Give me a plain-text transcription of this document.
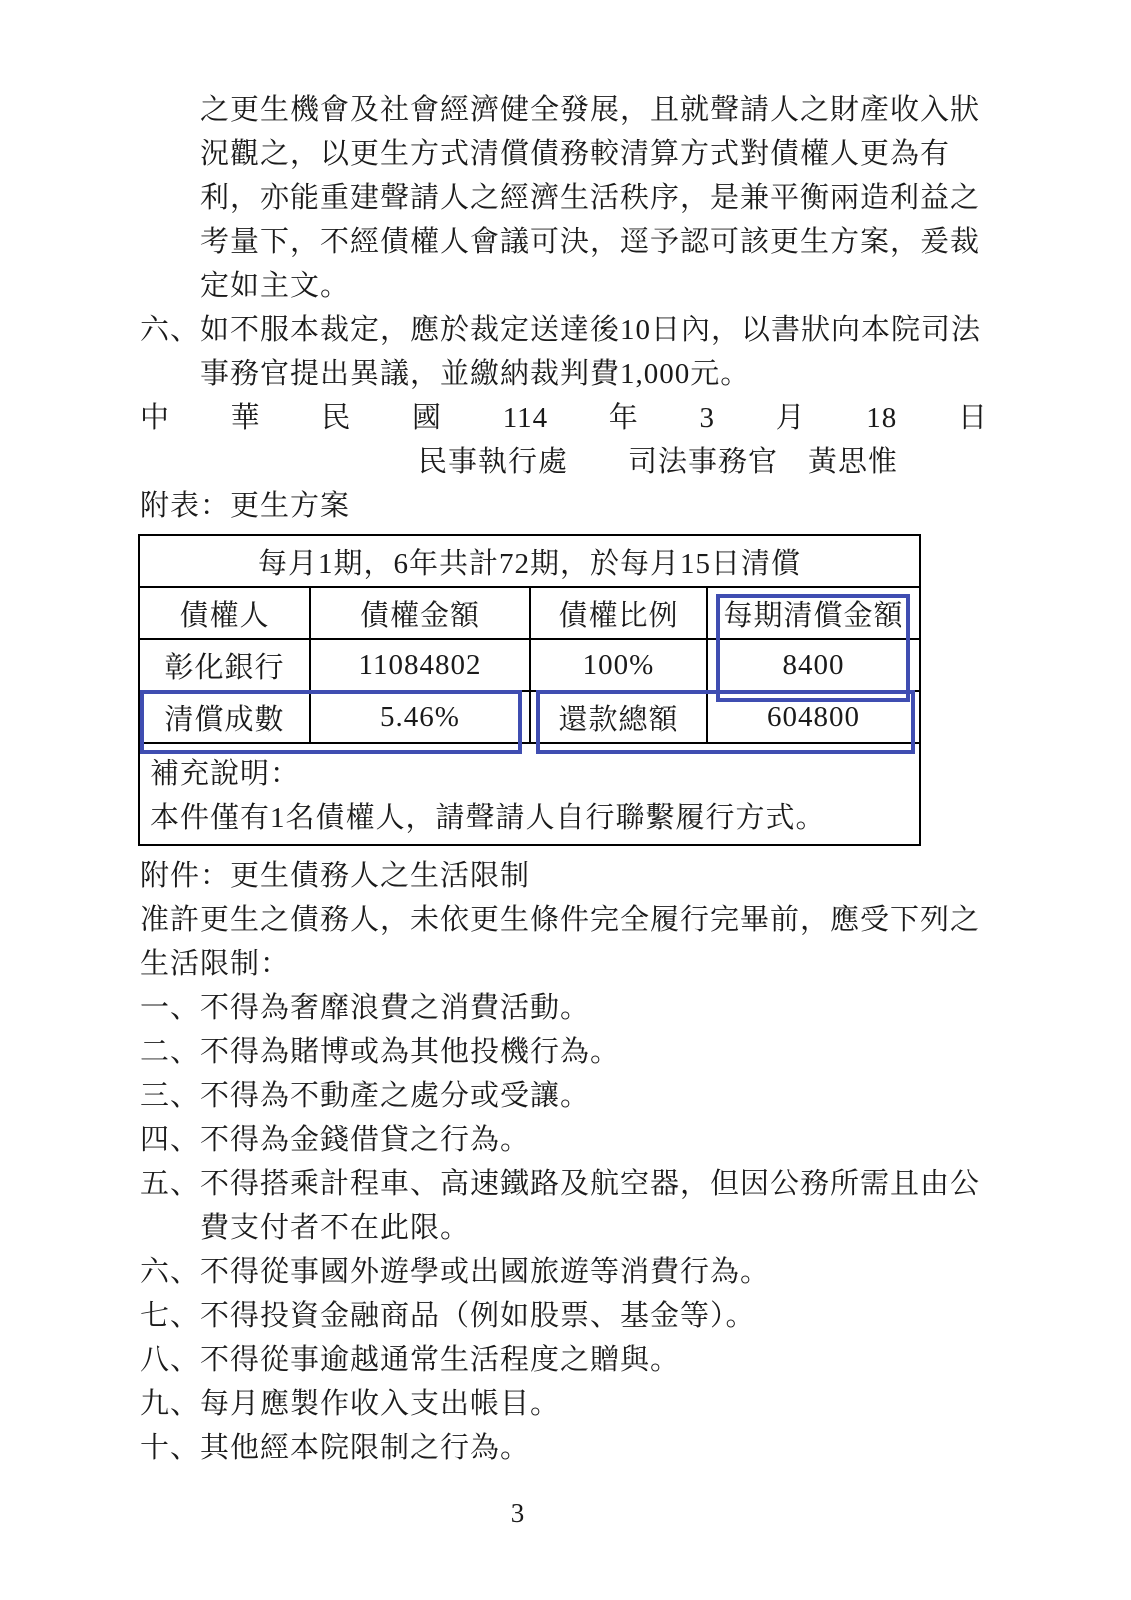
之更生機會及社會經濟健全發展，且就聲請人之財產收入狀
況觀之，以更生方式清償債務較清算方式對債權人更為有
利，亦能重建聲請人之經濟生活秩序，是兼平衡兩造利益之
考量下，不經債權人會議可決，逕予認可該更生方案，爰裁
定如主文。
六、如不服本裁定，應於裁定送達後10日內，以書狀向本院司法
事務官提出異議，並繳納裁判費1,000元。
中 華 民 國 114 年 3 月 18 日
民事執行處　　司法事務官　黃思惟
附表：更生方案
每月1期，6年共計72期，於每月15日清償			
債權人	債權金額	債權比例	每期清償金額
彰化銀行	11084802	100%	8400
清償成數	5.46%	還款總額	604800

補充說明：
本件僅有1名債權人，請聲請人自行聯繫履行方式。			
附件：更生債務人之生活限制
准許更生之債務人，未依更生條件完全履行完畢前，應受下列之
生活限制：
一、不得為奢靡浪費之消費活動。
二、不得為賭博或為其他投機行為。
三、不得為不動產之處分或受讓。
四、不得為金錢借貸之行為。
五、不得搭乘計程車、高速鐵路及航空器，但因公務所需且由公
費支付者不在此限。
六、不得從事國外遊學或出國旅遊等消費行為。
七、不得投資金融商品（例如股票、基金等）。
八、不得從事逾越通常生活程度之贈與。
九、每月應製作收入支出帳目。
十、其他經本院限制之行為。
3
